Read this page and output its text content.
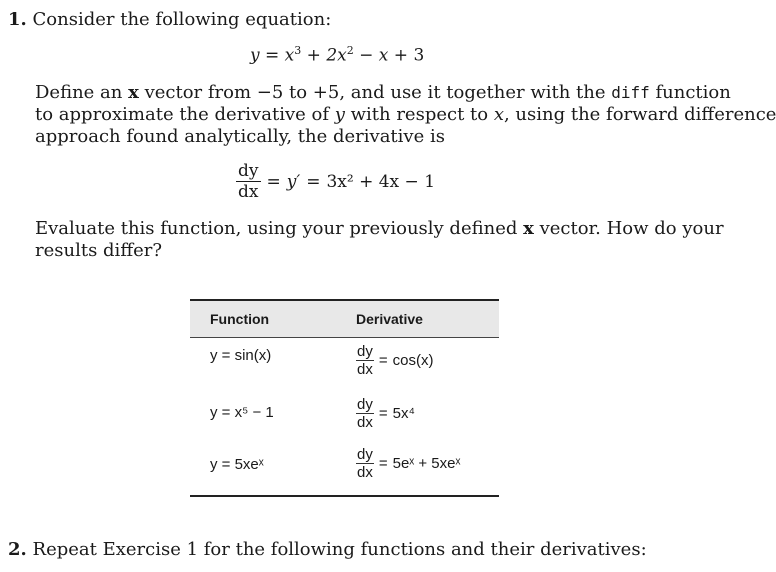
1. Consider the following equation:
$y = x^3 + 2x^2 - x + 3$
Define an x vector from −5 to +5, and use it together with the diff function
to approximate the derivative of y with respect to x, using the forward difference
approach found analytically, the derivative is
$\frac{dy}{dx} = y' = 3x^2 + 4x - 1$
Evaluate this function, using your previously defined x vector. How do your
results differ?
Function	Derivative
y = sin(x)	$\frac{dy}{dx} = \cos(x)$
y = x⁵ − 1	$\frac{dy}{dx} = 5x^4$
y = 5xeˣ	$\frac{dy}{dx}$ = 5eˣ + 5xeˣ
2. Repeat Exercise 1 for the following functions and their derivatives:
